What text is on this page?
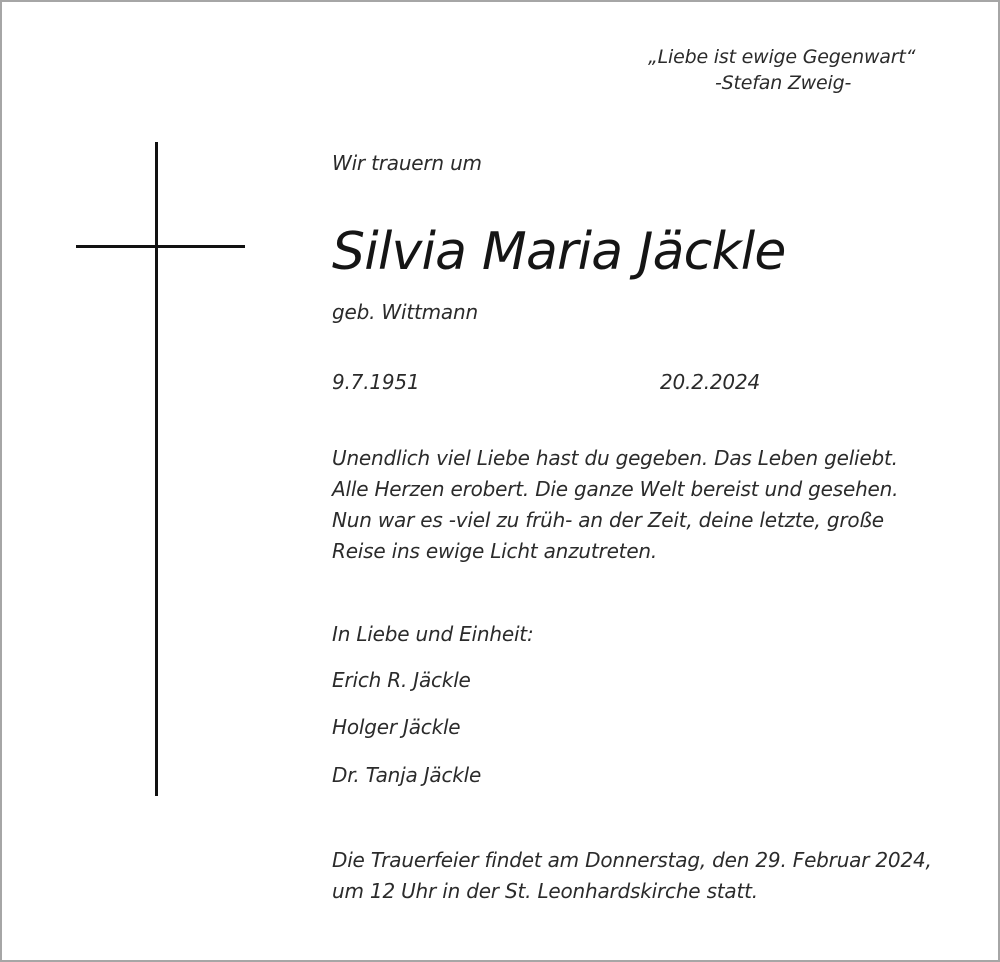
„Liebe ist ewige Gegenwart“
-Stefan Zweig-
Wir trauern um
Silvia Maria Jäckle
geb. Wittmann
9.7.1951	20.2.2024
Unendlich viel Liebe hast du gegeben. Das Leben geliebt.
Alle Herzen erobert. Die ganze Welt bereist und gesehen.
Nun war es -viel zu früh- an der Zeit, deine letzte, große
Reise ins ewige Licht anzutreten.
In Liebe und Einheit:
Erich R. Jäckle
Holger Jäckle
Dr. Tanja Jäckle
Die Trauerfeier findet am Donnerstag, den 29. Februar 2024,
um 12 Uhr in der St. Leonhardskirche statt.
